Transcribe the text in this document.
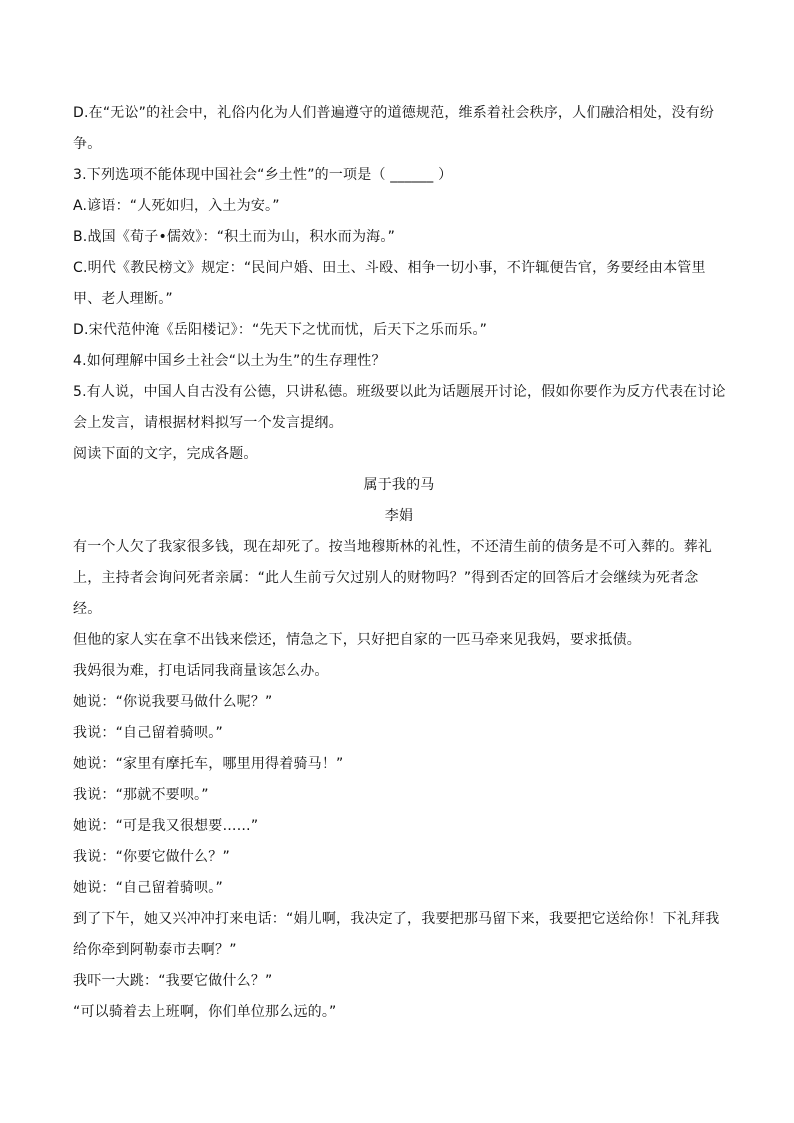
D.在“无讼”的社会中，礼俗内化为人们普遍遵守的道德规范，维系着社会秩序，人们融洽相处，没有纷
争。
3.下列选项不能体现中国社会“乡土性”的一项是（ ______ ）
A.谚语：“人死如归，入土为安。”
B.战国《荀子•儒效》：“积土而为山，积水而为海。”
C.明代《教民榜文》规定：“民间户婚、田土、斗殴、相争一切小事，不许辄便告官，务要经由本管里
甲、老人理断。”
D.宋代范仲淹《岳阳楼记》：“先天下之忧而忧，后天下之乐而乐。”
4.如何理解中国乡土社会“以土为生”的生存理性？
5.有人说，中国人自古没有公德，只讲私德。班级要以此为话题展开讨论，假如你要作为反方代表在讨论
会上发言，请根据材料拟写一个发言提纲。
阅读下面的文字，完成各题。
属于我的马
李娟
有一个人欠了我家很多钱，现在却死了。按当地穆斯林的礼性，不还清生前的债务是不可入葬的。葬礼
上，主持者会询问死者亲属：“此人生前亏欠过别人的财物吗？”得到否定的回答后才会继续为死者念
经。
但他的家人实在拿不出钱来偿还，情急之下，只好把自家的一匹马牵来见我妈，要求抵债。
我妈很为难，打电话同我商量该怎么办。
她说：“你说我要马做什么呢？”
我说：“自己留着骑呗。”
她说：“家里有摩托车，哪里用得着骑马！”
我说：“那就不要呗。”
她说：“可是我又很想要……”
我说：“你要它做什么？”
她说：“自己留着骑呗。”
到了下午，她又兴冲冲打来电话：“娟儿啊，我决定了，我要把那马留下来，我要把它送给你！下礼拜我
给你牵到阿勒泰市去啊？”
我吓一大跳：“我要它做什么？”
“可以骑着去上班啊，你们单位那么远的。”
